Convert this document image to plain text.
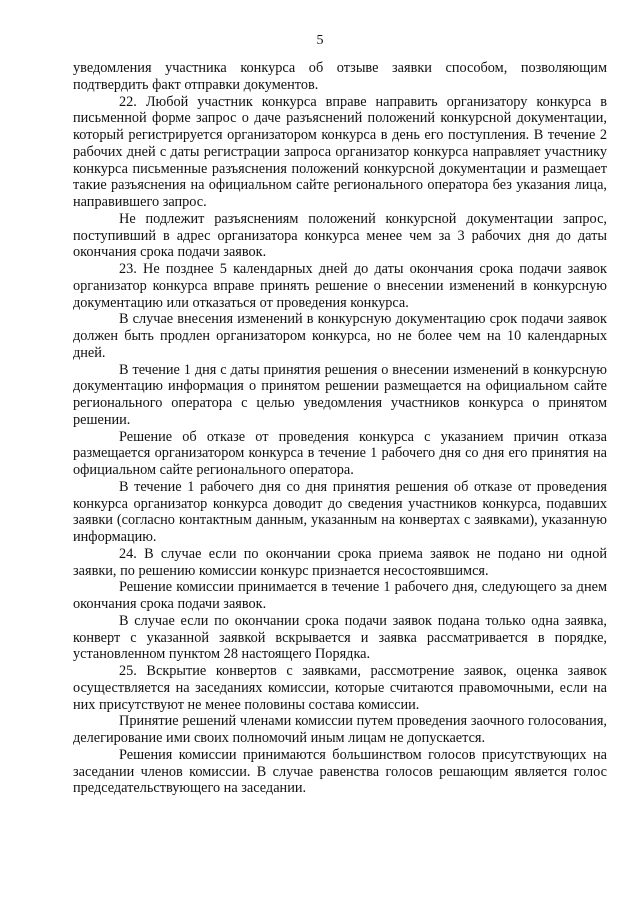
5

уведомления участника конкурса об отзыве заявки способом, позволяющим подтвердить факт отправки документов.

22. Любой участник конкурса вправе направить организатору конкурса в письменной форме запрос о даче разъяснений положений конкурсной документации, который регистрируется организатором конкурса в день его поступления. В течение 2 рабочих дней с даты регистрации запроса организатор конкурса направляет участнику конкурса письменные разъяснения положений конкурсной документации и размещает такие разъяснения на официальном сайте регионального оператора без указания лица, направившего запрос.

Не подлежит разъяснениям положений конкурсной документации запрос, поступивший в адрес организатора конкурса менее чем за 3 рабочих дня до даты окончания срока подачи заявок.

23. Не позднее 5 календарных дней до даты окончания срока подачи заявок организатор конкурса вправе принять решение о внесении изменений в конкурсную документацию или отказаться от проведения конкурса.

В случае внесения изменений в конкурсную документацию срок подачи заявок должен быть продлен организатором конкурса, но не более чем на 10 календарных дней.

В течение 1 дня с даты принятия решения о внесении изменений в конкурсную документацию информация о принятом решении размещается на официальном сайте регионального оператора с целью уведомления участников конкурса о принятом решении.

Решение об отказе от проведения конкурса с указанием причин отказа размещается организатором конкурса в течение 1 рабочего дня со дня его принятия на официальном сайте регионального оператора.

В течение 1 рабочего дня со дня принятия решения об отказе от проведения конкурса организатор конкурса доводит до сведения участников конкурса, подавших заявки (согласно контактным данным, указанным на конвертах с заявками), указанную информацию.

24. В случае если по окончании срока приема заявок не подано ни одной заявки, по решению комиссии конкурс признается несостоявшимся.

Решение комиссии принимается в течение 1 рабочего дня, следующего за днем окончания срока подачи заявок.

В случае если по окончании срока подачи заявок подана только одна заявка, конверт с указанной заявкой вскрывается и заявка рассматривается в порядке, установленном пунктом 28 настоящего Порядка.

25. Вскрытие конвертов с заявками, рассмотрение заявок, оценка заявок осуществляется на заседаниях комиссии, которые считаются правомочными, если на них присутствуют не менее половины состава комиссии.

Принятие решений членами комиссии путем проведения заочного голосования, делегирование ими своих полномочий иным лицам не допускается.

Решения комиссии принимаются большинством голосов присутствующих на заседании членов комиссии. В случае равенства голосов решающим является голос председательствующего на заседании.
